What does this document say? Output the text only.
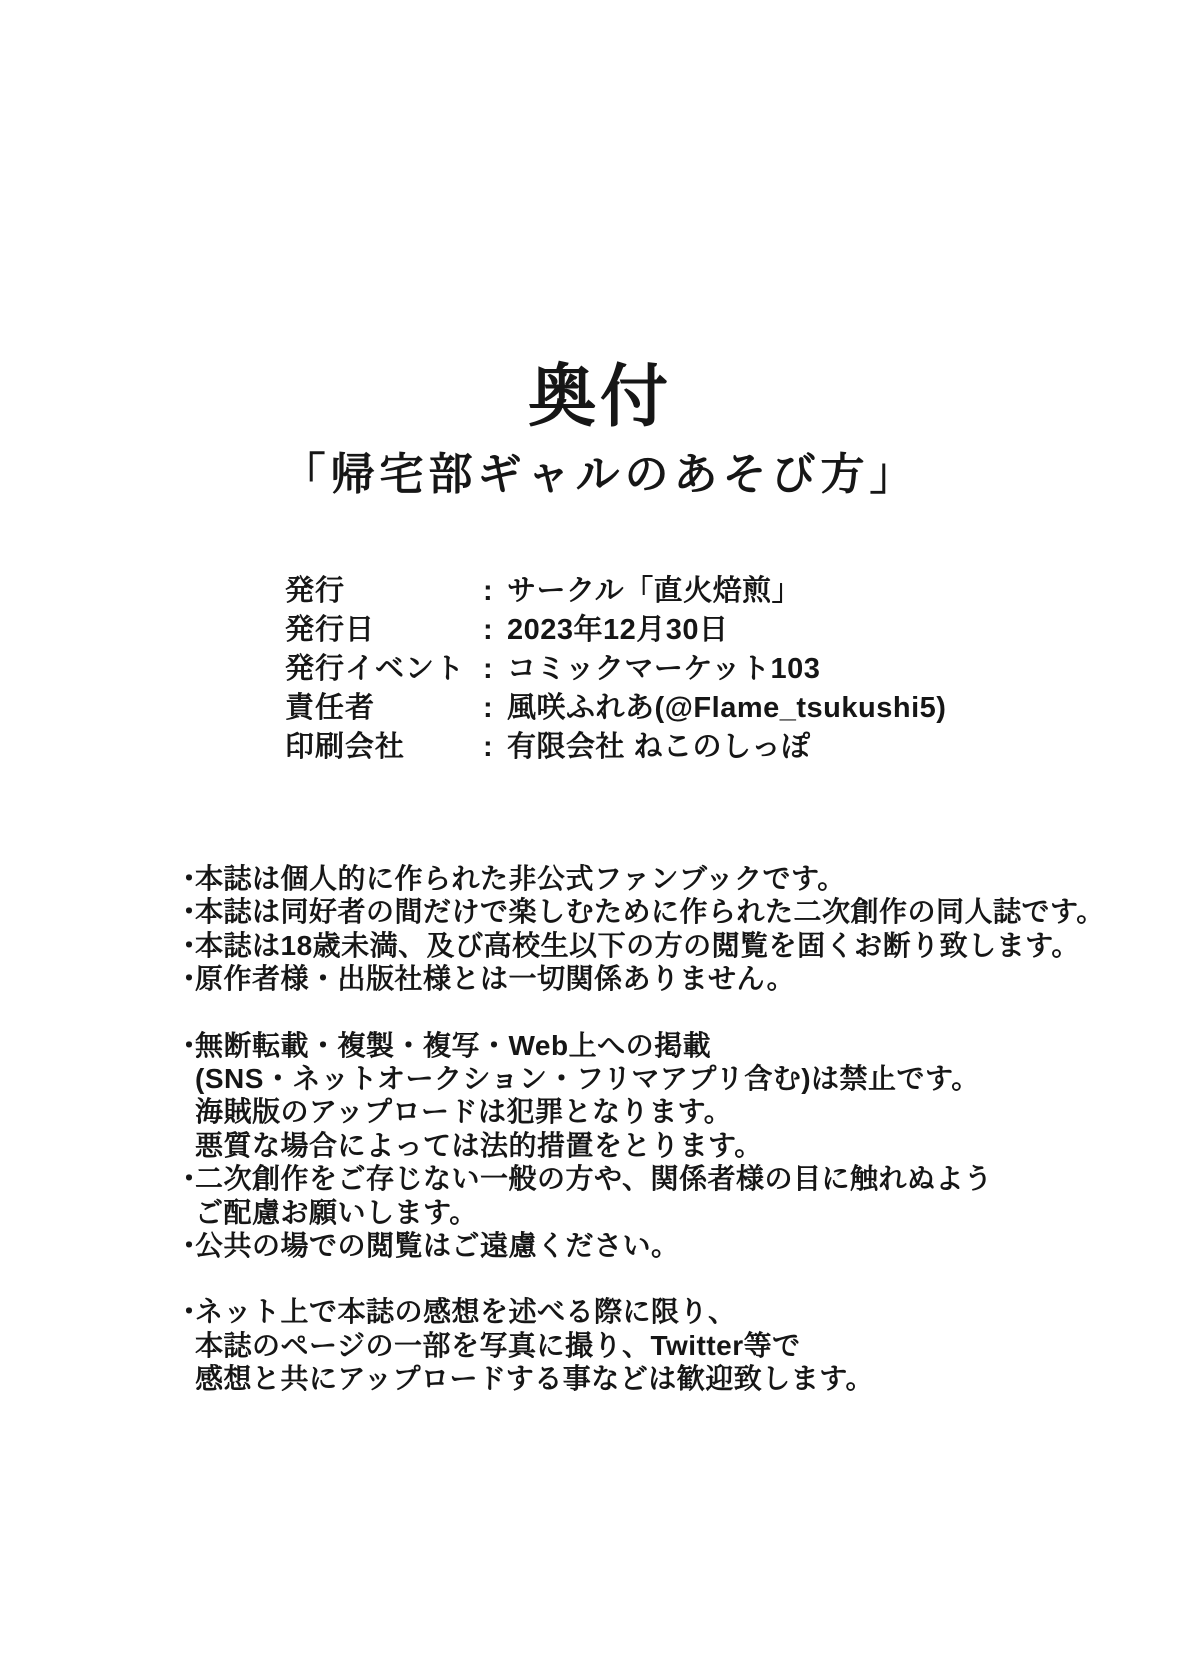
奥付
「帰宅部ギャルのあそび方」
発行	: サークル「直火焙煎」
発行日	: 2023年12月30日
発行イベント : コミックマーケット103
責任者	: 風咲ふれあ(@Flame_tsukushi5)
印刷会社	: 有限会社 ねこのしっぽ
･
本誌は個人的に作られた非公式ファンブックです。
･
本誌は同好者の間だけで楽しむために作られた二次創作の同人誌です。
･
本誌は18歳未満、及び高校生以下の方の閲覧を固くお断り致します。
･
原作者様・出版社様とは一切関係ありません。
･
無断転載・複製・複写・Web上への掲載
(SNS・ネットオークション・フリマアプリ含む)は禁止です。
海賊版のアップロードは犯罪となります。
悪質な場合によっては法的措置をとります。
･
二次創作をご存じない一般の方や、関係者様の目に触れぬよう
ご配慮お願いします。
･
公共の場での閲覧はご遠慮ください。
･
ネット上で本誌の感想を述べる際に限り、
本誌のページの一部を写真に撮り、Twitter等で
感想と共にアップロードする事などは歓迎致します。
